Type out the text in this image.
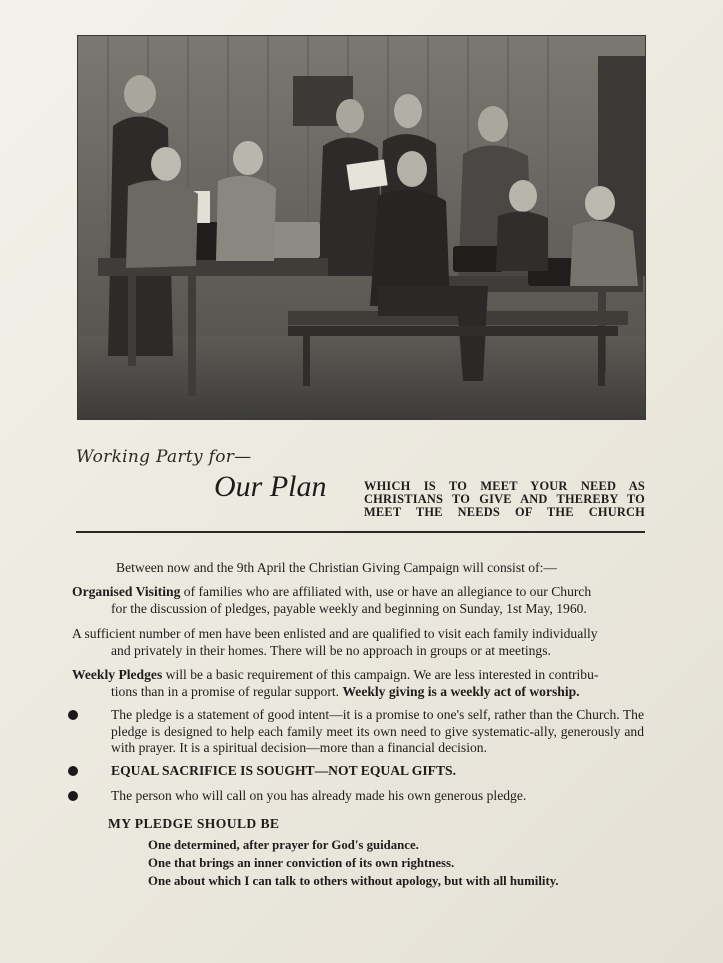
Working Party for—
Our Plan	WHICH IS TO MEET YOUR NEED AS CHRISTIANS TO GIVE AND THEREBY TO MEET THE NEEDS OF THE CHURCH
Between now and the 9th April the Christian Giving Campaign will consist of:—
Organised Visiting of families who are affiliated with, use or have an allegiance to our Church
for the discussion of pledges, payable weekly and beginning on Sunday, 1st May, 1960.
A sufficient number of men have been enlisted and are qualified to visit each family individually
and privately in their homes. There will be no approach in groups or at meetings.
Weekly Pledges will be a basic requirement of this campaign. We are less interested in contribu-
tions than in a promise of regular support. Weekly giving is a weekly act of worship.
The pledge is a statement of good intent—it is a promise to one's self, rather than the Church. The pledge is designed to help each family meet its own need to give systematic-ally, generously and with prayer. It is a spiritual decision—more than a financial decision.
EQUAL SACRIFICE IS SOUGHT—NOT EQUAL GIFTS.
The person who will call on you has already made his own generous pledge.
MY PLEDGE SHOULD BE
One determined, after prayer for God's guidance.
One that brings an inner conviction of its own rightness.
One about which I can talk to others without apology, but with all humility.
